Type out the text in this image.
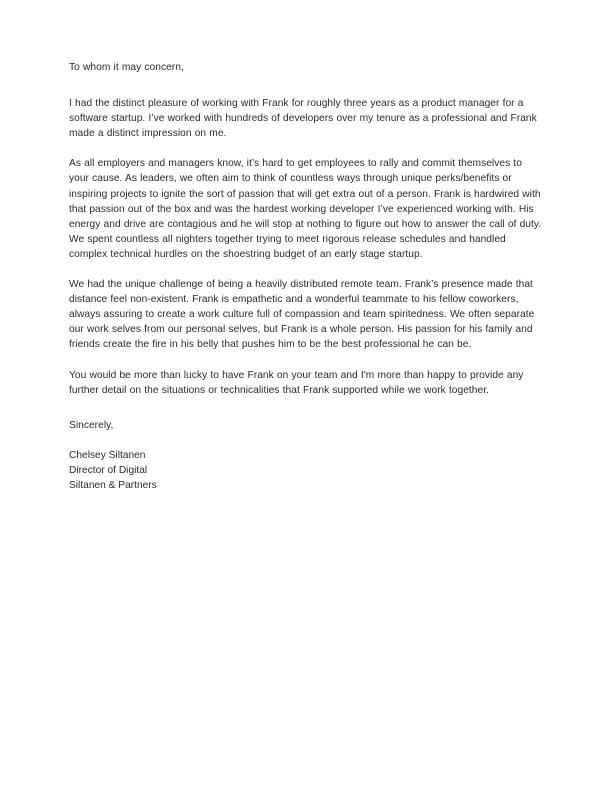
To whom it may concern,

I had the distinct pleasure of working with Frank for roughly three years as a product manager for a software startup. I’ve worked with hundreds of developers over my tenure as a professional and Frank made a distinct impression on me.

As all employers and managers know, it’s hard to get employees to rally and commit themselves to your cause. As leaders, we often aim to think of countless ways through unique perks/benefits or inspiring projects to ignite the sort of passion that will get extra out of a person. Frank is hardwired with that passion out of the box and was the hardest working developer I’ve experienced working with. His energy and drive are contagious and he will stop at nothing to figure out how to answer the call of duty. We spent countless all nighters together trying to meet rigorous release schedules and handled complex technical hurdles on the shoestring budget of an early stage startup.

We had the unique challenge of being a heavily distributed remote team. Frank’s presence made that distance feel non-existent. Frank is empathetic and a wonderful teammate to his fellow coworkers, always assuring to create a work culture full of compassion and team spiritedness. We often separate our work selves from our personal selves, but Frank is a whole person. His passion for his family and friends create the fire in his belly that pushes him to be the best professional he can be.

You would be more than lucky to have Frank on your team and I'm more than happy to provide any further detail on the situations or technicalities that Frank supported while we work together.

Sincerely,

Chelsey Siltanen

Director of Digital

Siltanen & Partners
